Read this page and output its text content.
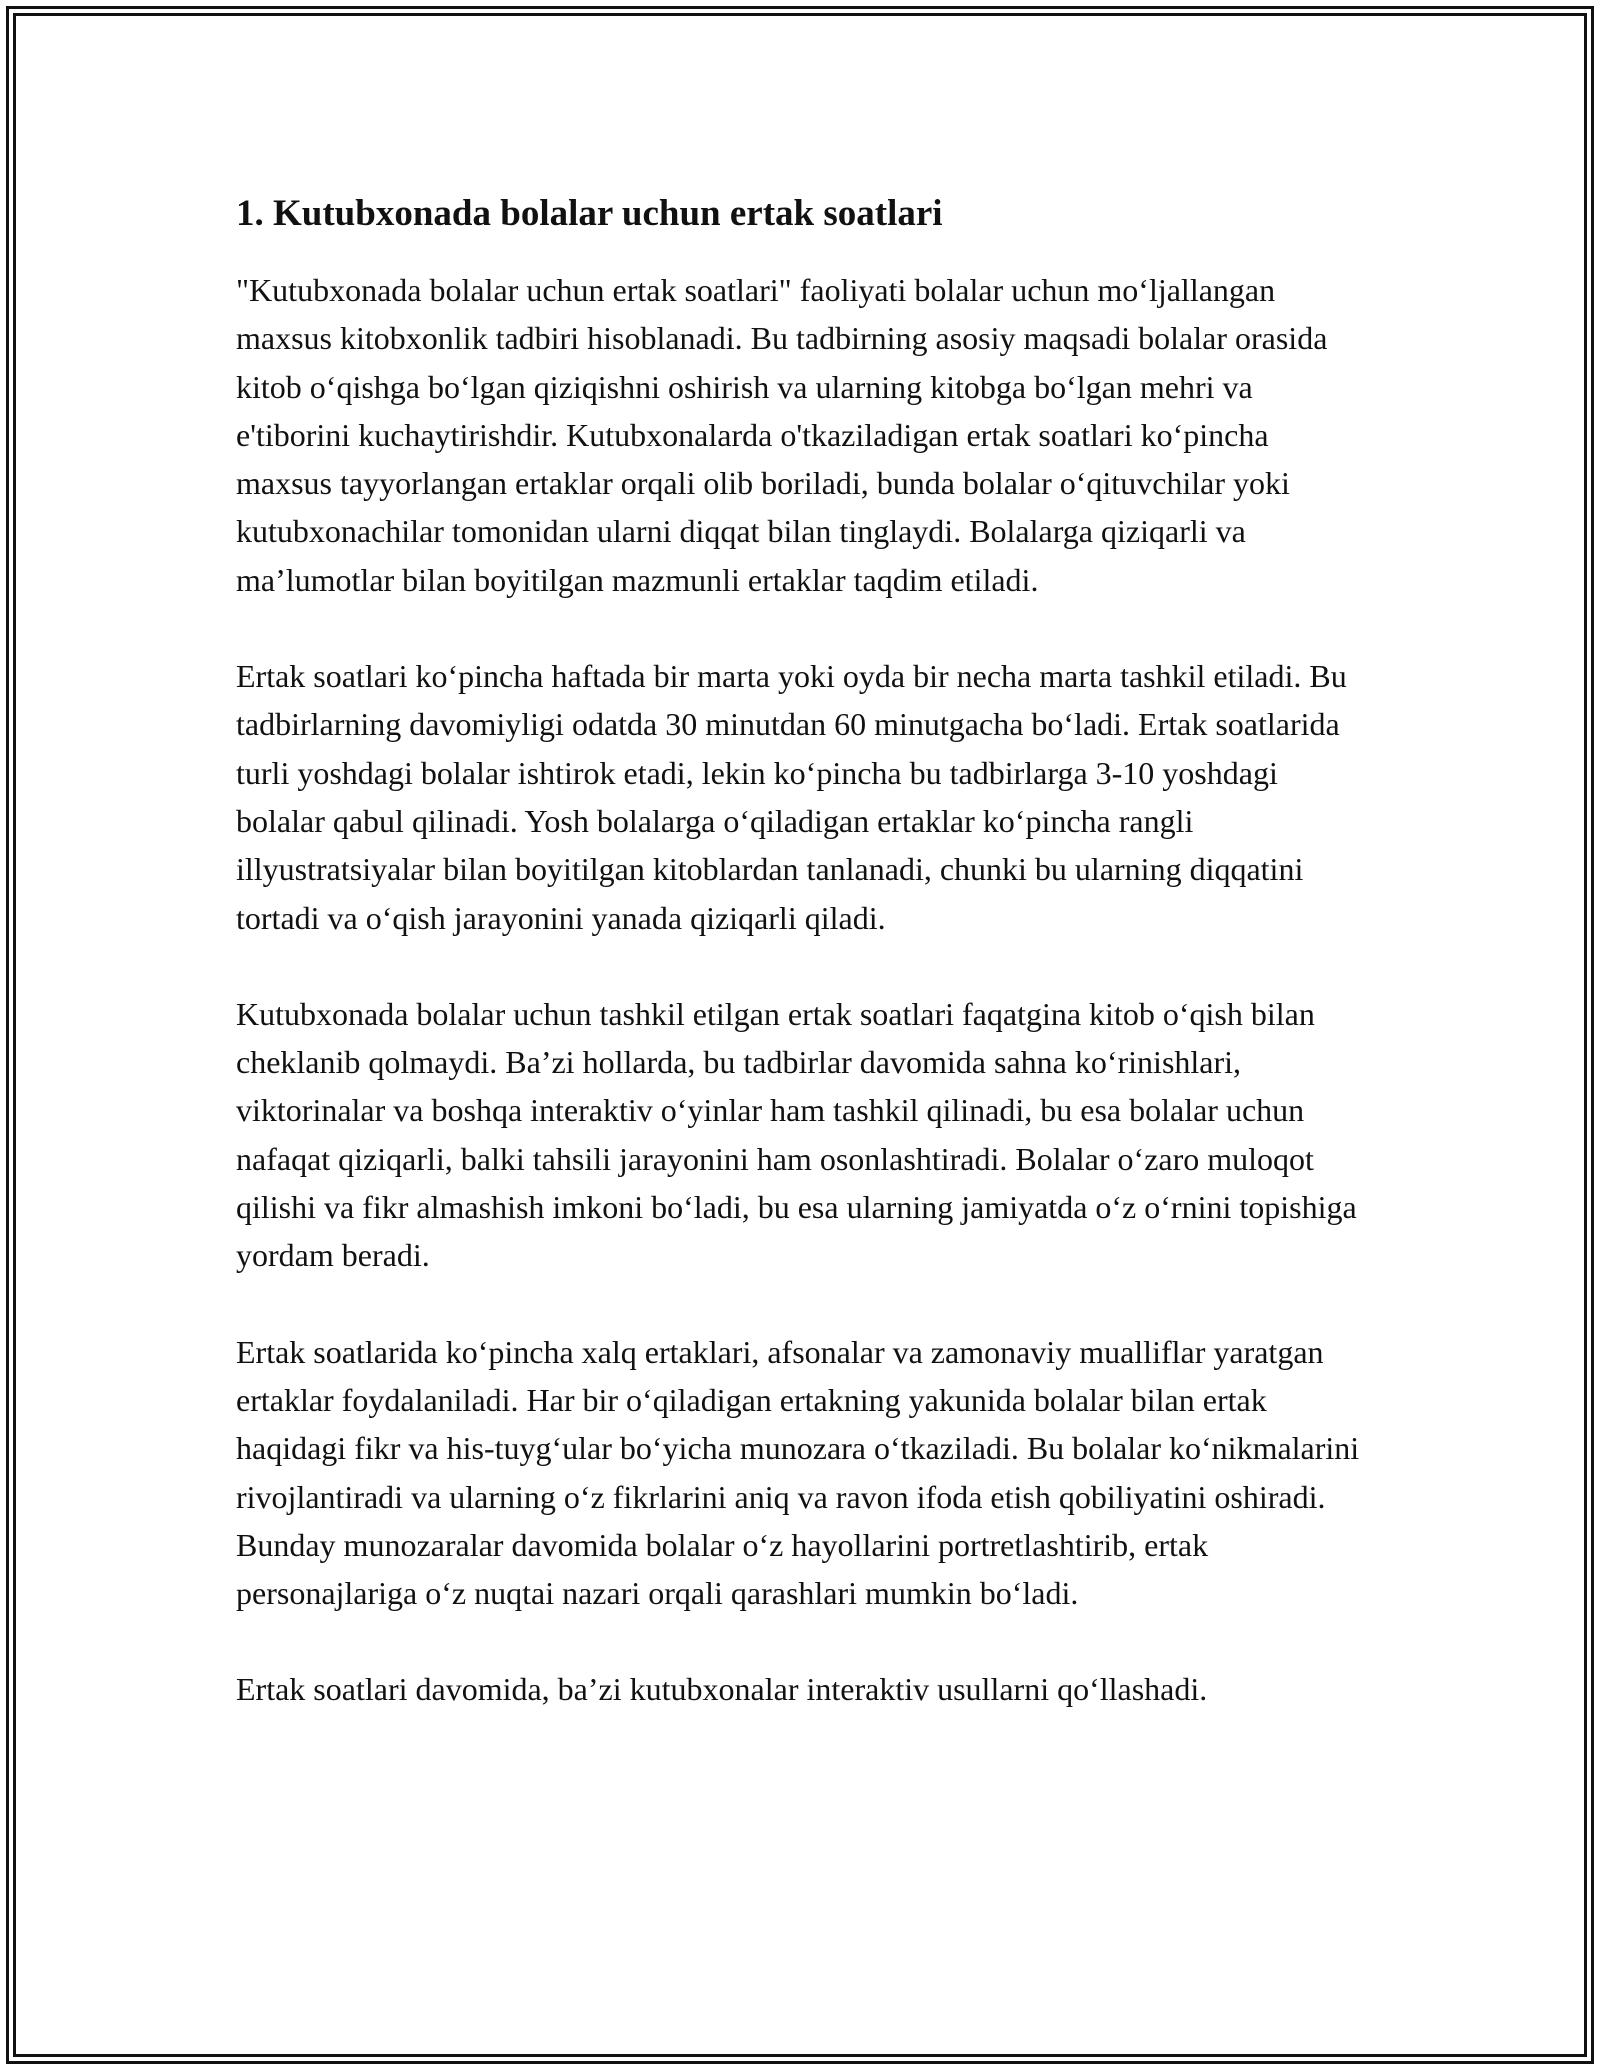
1. Kutubxonada bolalar uchun ertak soatlari

"Kutubxonada bolalar uchun ertak soatlari" faoliyati bolalar uchun mo‘ljallangan maxsus kitobxonlik tadbiri hisoblanadi. Bu tadbirning asosiy maqsadi bolalar orasida kitob o‘qishga bo‘lgan qiziqishni oshirish va ularning kitobga bo‘lgan mehri va e'tiborini kuchaytirishdir. Kutubxonalarda o'tkaziladigan ertak soatlari ko‘pincha maxsus tayyorlangan ertaklar orqali olib boriladi, bunda bolalar o‘qituvchilar yoki kutubxonachilar tomonidan ularni diqqat bilan tinglaydi. Bolalarga qiziqarli va ma’lumotlar bilan boyitilgan mazmunli ertaklar taqdim etiladi.

Ertak soatlari ko‘pincha haftada bir marta yoki oyda bir necha marta tashkil etiladi. Bu tadbirlarning davomiyligi odatda 30 minutdan 60 minutgacha bo‘ladi. Ertak soatlarida turli yoshdagi bolalar ishtirok etadi, lekin ko‘pincha bu tadbirlarga 3-10 yoshdagi bolalar qabul qilinadi. Yosh bolalarga o‘qiladigan ertaklar ko‘pincha rangli illyustratsiyalar bilan boyitilgan kitoblardan tanlanadi, chunki bu ularning diqqatini tortadi va o‘qish jarayonini yanada qiziqarli qiladi.

Kutubxonada bolalar uchun tashkil etilgan ertak soatlari faqatgina kitob o‘qish bilan cheklanib qolmaydi. Ba’zi hollarda, bu tadbirlar davomida sahna ko‘rinishlari, viktorinalar va boshqa interaktiv o‘yinlar ham tashkil qilinadi, bu esa bolalar uchun nafaqat qiziqarli, balki tahsili jarayonini ham osonlashtiradi. Bolalar o‘zaro muloqot qilishi va fikr almashish imkoni bo‘ladi, bu esa ularning jamiyatda o‘z o‘rnini topishiga yordam beradi.

Ertak soatlarida ko‘pincha xalq ertaklari, afsonalar va zamonaviy mualliflar yaratgan ertaklar foydalaniladi. Har bir o‘qiladigan ertakning yakunida bolalar bilan ertak haqidagi fikr va his-tuyg‘ular bo‘yicha munozara o‘tkaziladi. Bu bolalar ko‘nikmalarini rivojlantiradi va ularning o‘z fikrlarini aniq va ravon ifoda etish qobiliyatini oshiradi. Bunday munozaralar davomida bolalar o‘z hayollarini portretlashtirib, ertak personajlariga o‘z nuqtai nazari orqali qarashlari mumkin bo‘ladi.

Ertak soatlari davomida, ba’zi kutubxonalar interaktiv usullarni qo‘llashadi.
